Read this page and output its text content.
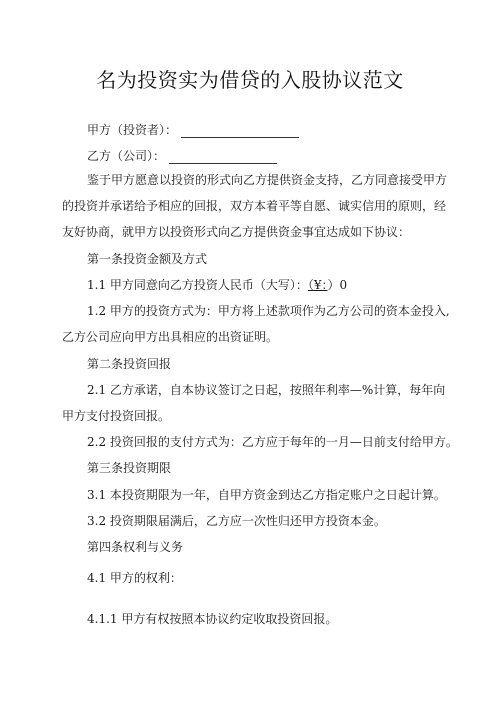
名为投资实为借贷的入股协议范文
甲方（投资者）：
乙方（公司）：
鉴于甲方愿意以投资的形式向乙方提供资金支持，乙方同意接受甲方
的投资并承诺给予相应的回报，双方本着平等自愿、诚实信用的原则，经
友好协商，就甲方以投资形式向乙方提供资金事宜达成如下协议：
第一条投资金额及方式
1.1 甲方同意向乙方投资人民币（大写）：（¥：）0
1.2 甲方的投资方式为：甲方将上述款项作为乙方公司的资本金投入,
乙方公司应向甲方出具相应的出资证明。
第二条投资回报
2.1 乙方承诺，自本协议签订之日起，按照年利率—%计算，每年向
甲方支付投资回报。
2.2 投资回报的支付方式为：乙方应于每年的一月—日前支付给甲方。
第三条投资期限
3.1 本投资期限为一年，自甲方资金到达乙方指定账户之日起计算。
3.2 投资期限届满后，乙方应一次性归还甲方投资本金。
第四条权利与义务
4.1 甲方的权利：
4.1.1 甲方有权按照本协议约定收取投资回报。
